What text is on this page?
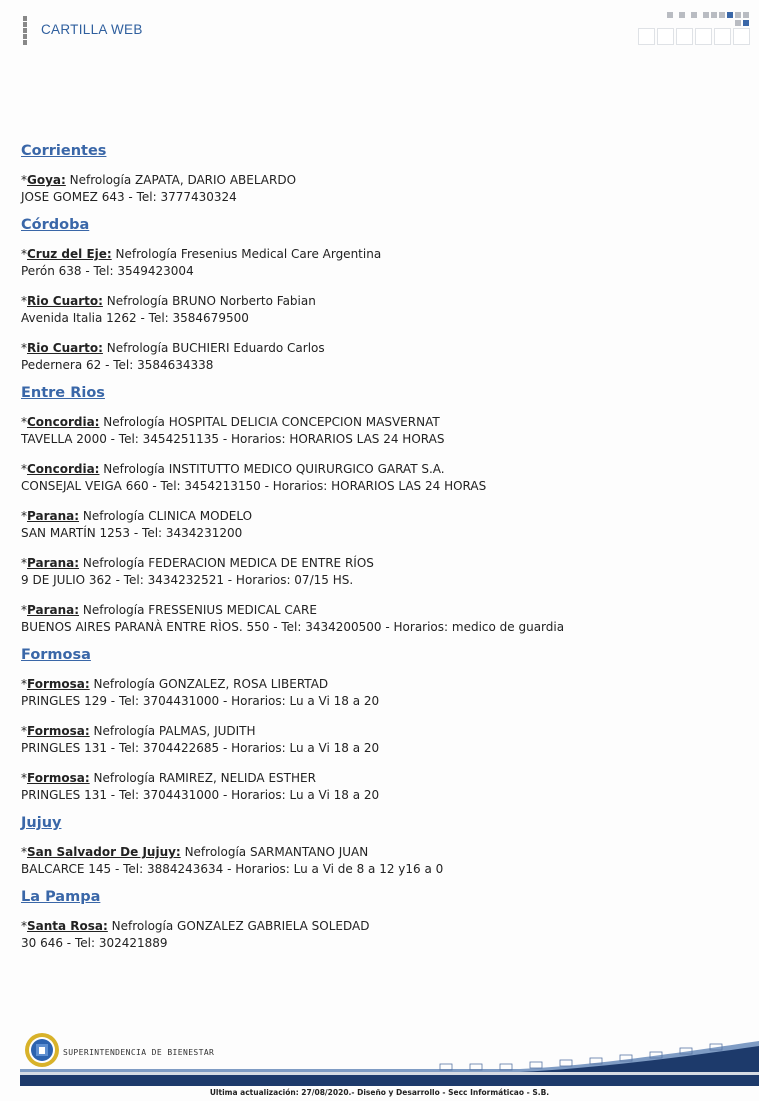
CARTILLA WEB
Corrientes

*Goya: Nefrología ZAPATA, DARIO ABELARDO
JOSE GOMEZ 643 - Tel: 3777430324

Córdoba

*Cruz del Eje: Nefrología Fresenius Medical Care Argentina
Perón 638 - Tel: 3549423004

*Rio Cuarto: Nefrología BRUNO Norberto Fabian
Avenida Italia 1262 - Tel: 3584679500

*Rio Cuarto: Nefrología BUCHIERI Eduardo Carlos
Pedernera 62 - Tel: 3584634338

Entre Rios

*Concordia: Nefrología HOSPITAL DELICIA CONCEPCION MASVERNAT
TAVELLA 2000 - Tel: 3454251135 - Horarios: HORARIOS LAS 24 HORAS

*Concordia: Nefrología INSTITUTTO MEDICO QUIRURGICO GARAT S.A.
CONSEJAL VEIGA 660 - Tel: 3454213150 - Horarios: HORARIOS LAS 24 HORAS

*Parana: Nefrología CLINICA MODELO
SAN MARTÍN 1253 - Tel: 3434231200

*Parana: Nefrología FEDERACION MEDICA DE ENTRE RÍOS
9 DE JULIO 362 - Tel: 3434232521 - Horarios: 07/15 HS.

*Parana: Nefrología FRESSENIUS MEDICAL CARE
BUENOS AIRES PARANÀ ENTRE RÌOS. 550 - Tel: 3434200500 - Horarios: medico de guardia

Formosa

*Formosa: Nefrología GONZALEZ, ROSA LIBERTAD
PRINGLES 129 - Tel: 3704431000 - Horarios: Lu a Vi 18 a 20

*Formosa: Nefrología PALMAS, JUDITH
PRINGLES 131 - Tel: 3704422685 - Horarios: Lu a Vi 18 a 20

*Formosa: Nefrología RAMIREZ, NELIDA ESTHER
PRINGLES 131 - Tel: 3704431000 - Horarios: Lu a Vi 18 a 20

Jujuy

*San Salvador De Jujuy: Nefrología SARMANTANO JUAN
BALCARCE 145 - Tel: 3884243634 - Horarios: Lu a Vi de 8 a 12 y16 a 0

La Pampa

*Santa Rosa: Nefrología GONZALEZ GABRIELA SOLEDAD
30 646 - Tel: 302421889

SUPERINTENDENCIA DE BIENESTAR
Ultima actualización: 27/08/2020.- Diseño y Desarrollo - Secc Informáticao - S.B.
